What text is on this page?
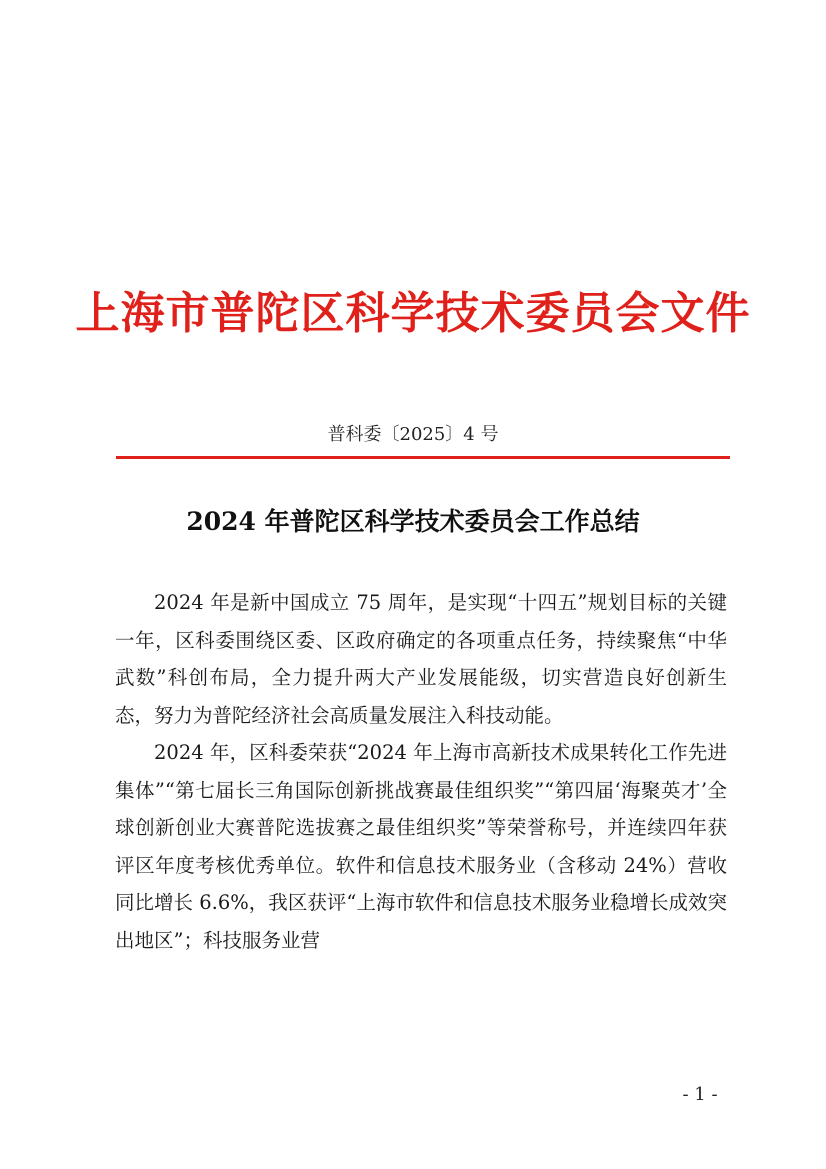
上海市普陀区科学技术委员会文件
普科委〔2025〕4 号
2024 年普陀区科学技术委员会工作总结

2024 年是新中国成立 75 周年，是实现“十四五”规划目标的关键一年，区科委围绕区委、区政府确定的各项重点任务，持续聚焦“中华武数”科创布局，全力提升两大产业发展能级，切实营造良好创新生态，努力为普陀经济社会高质量发展注入科技动能。

2024 年，区科委荣获“2024 年上海市高新技术成果转化工作先进集体”“第七届长三角国际创新挑战赛最佳组织奖”“第四届‘海聚英才’全球创新创业大赛普陀选拔赛之最佳组织奖”等荣誉称号，并连续四年获评区年度考核优秀单位。软件和信息技术服务业（含移动 24%）营收同比增长 6.6%，我区获评“上海市软件和信息技术服务业稳增长成效突出地区”；科技服务业营

- 1 -
